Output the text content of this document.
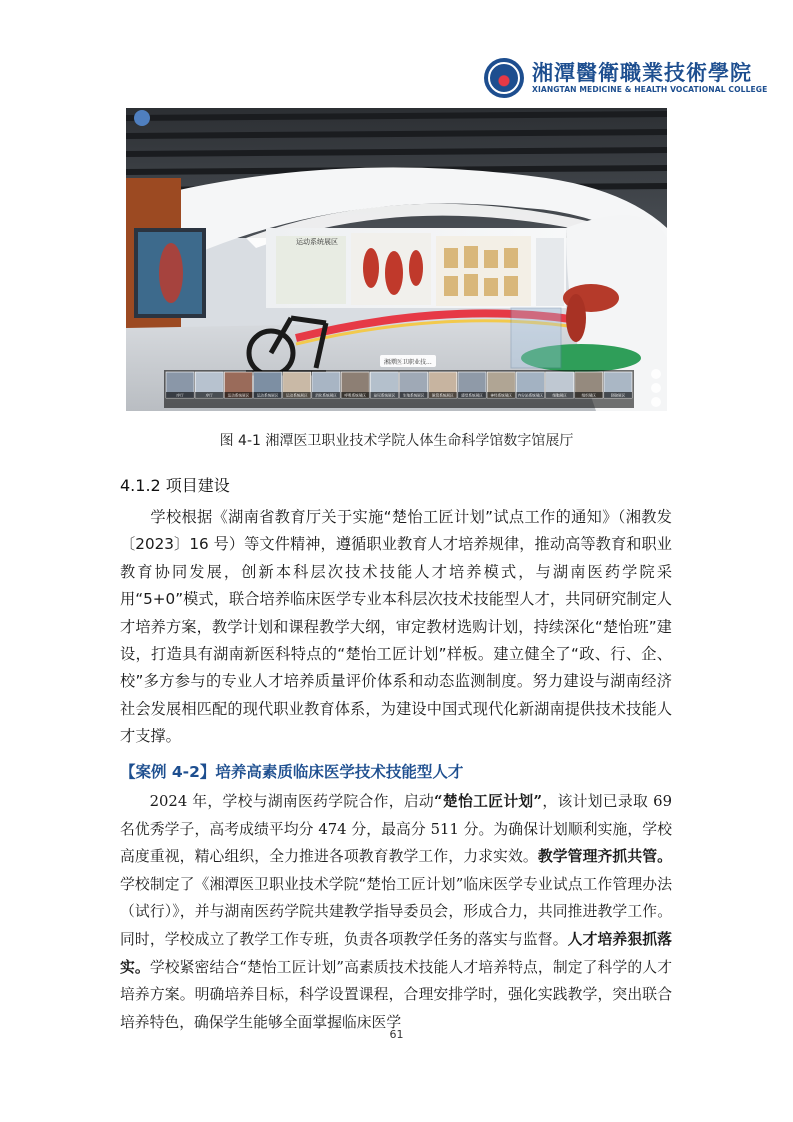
湘潭醫衛職業技術學院
XIANGTAN MEDICINE & HEALTH VOCATIONAL COLLEGE
运动系统展区
湘潭医卫职业技...
序厅	序厅	运动系统展区 运动系统展区 运动系统展区 消化系统展区 呼吸系统展区 泌尿系统展区 生殖系统展区 脉管系统展区 感觉系统展区 神经系统展区 内分泌系统展区	细胞展区	组织展区	胚胎展区
图 4-1 湘潭医卫职业技术学院人体生命科学馆数字馆展厅
4.1.2 项目建设

学校根据《湖南省教育厅关于实施“楚怡工匠计划”试点工作的通知》（湘教发〔2023〕16 号）等文件精神，遵循职业教育人才培养规律，推动高等教育和职业教育协同发展，创新本科层次技术技能人才培养模式，与湖南医药学院采用“5+0”模式，联合培养临床医学专业本科层次技术技能型人才，共同研究制定人才培养方案，教学计划和课程教学大纲，审定教材选购计划，持续深化“楚怡班”建设，打造具有湖南新医科特点的“楚怡工匠计划”样板。建立健全了“政、行、企、校”多方参与的专业人才培养质量评价体系和动态监测制度。努力建设与湖南经济社会发展相匹配的现代职业教育体系，为建设中国式现代化新湖南提供技术技能人才支撑。

【案例 4-2】培养高素质临床医学技术技能型人才

2024 年，学校与湖南医药学院合作，启动“楚怡工匠计划”，该计划已录取 69 名优秀学子，高考成绩平均分 474 分，最高分 511 分。为确保计划顺利实施，学校高度重视，精心组织，全力推进各项教育教学工作，力求实效。教学管理齐抓共管。学校制定了《湘潭医卫职业技术学院“楚怡工匠计划”临床医学专业试点工作管理办法（试行）》，并与湖南医药学院共建教学指导委员会，形成合力，共同推进教学工作。同时，学校成立了教学工作专班，负责各项教学任务的落实与监督。人才培养狠抓落实。学校紧密结合“楚怡工匠计划”高素质技术技能人才培养特点，制定了科学的人才培养方案。明确培养目标，科学设置课程，合理安排学时，强化实践教学，突出联合培养特色，确保学生能够全面掌握临床医学

61
